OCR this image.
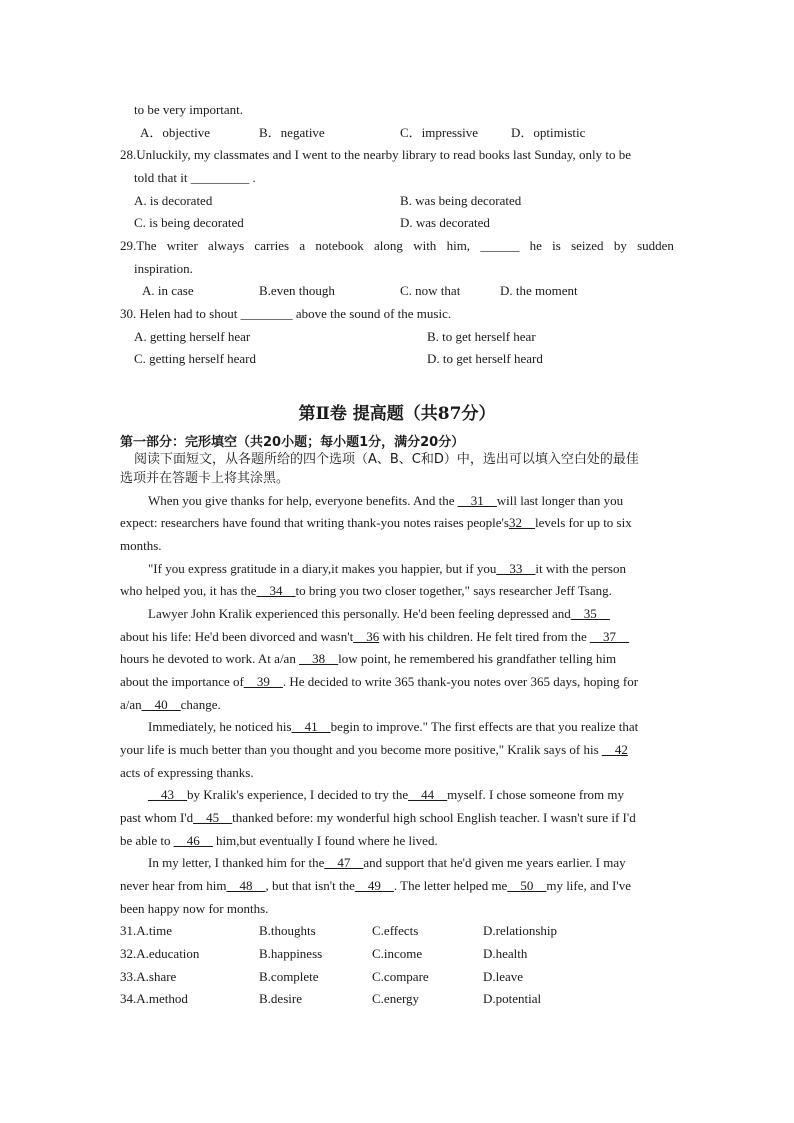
to be very important.
A．objective	B．negative	C．impressive	D．optimistic
28.Unluckily, my classmates and I went to the nearby library to read books last Sunday, only to be
told that it _________ .
A. is decorated	B. was being decorated
C. is being decorated	D. was decorated
29.The writer always carries a notebook along with him, ______ he is seized by sudden
inspiration.
A. in case	B.even though	C. now that	D. the moment
30. Helen had to shout ________ above the sound of the music.
A. getting herself hear	B. to get herself hear
C. getting herself heard	D. to get herself heard
第Ⅱ卷 提高题（共87分）
第一部分：完形填空（共20小题；每小题1分，满分20分）
阅读下面短文，从各题所给的四个选项（A、B、C和D）中，选出可以填入空白处的最佳
选项并在答题卡上将其涂黑。
When you give thanks for help, everyone benefits. And the __31__will last longer than you
expect: researchers have found that writing thank-you notes raises people's32__levels for up to six
months.
"If you express gratitude in a diary,it makes you happier, but if you__33__it with the person
who helped you, it has the__34__to bring you two closer together," says researcher Jeff Tsang.
Lawyer John Kralik experienced this personally. He'd been feeling depressed and__35__
about his life: He'd been divorced and wasn't__36 with his children. He felt tired from the __37__
hours he devoted to work. At a/an __38__low point, he remembered his grandfather telling him
about the importance of__39__. He decided to write 365 thank-you notes over 365 days, hoping for
a/an__40__change.
Immediately, he noticed his__41__begin to improve." The first effects are that you realize that
your life is much better than you thought and you become more positive," Kralik says of his __42
acts of expressing thanks.
__43__by Kralik's experience, I decided to try the__44__myself. I chose someone from my
past whom I'd__45__thanked before: my wonderful high school English teacher. I wasn't sure if I'd
be able to __46__ him,but eventually I found where he lived.
In my letter, I thanked him for the__47__and support that he'd given me years earlier. I may
never hear from him__48__, but that isn't the__49__. The letter helped me__50__my life, and I've
been happy now for months.
31.A.time	B.thoughts	C.effects	D.relationship
32.A.education	B.happiness	C.income	D.health
33.A.share	B.complete	C.compare	D.leave
34.A.method	B.desire	C.energy	D.potential
